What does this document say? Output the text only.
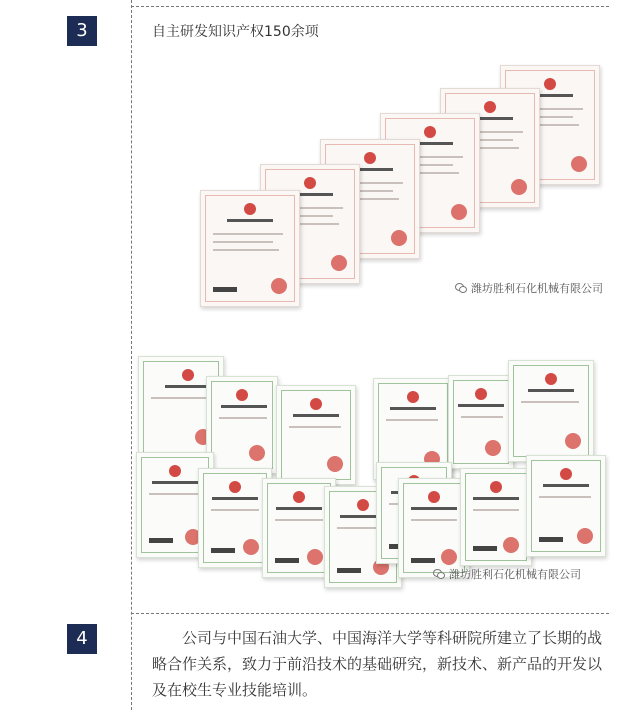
3	自主研发知识产权150余项
潍坊胜利石化机械有限公司
潍坊胜利石化机械有限公司
4	公司与中国石油大学、中国海洋大学等科研院所建立了长期的战略合作关系，致力于前沿技术的基础研究，新技术、新产品的开发以及在校生专业技能培训。
